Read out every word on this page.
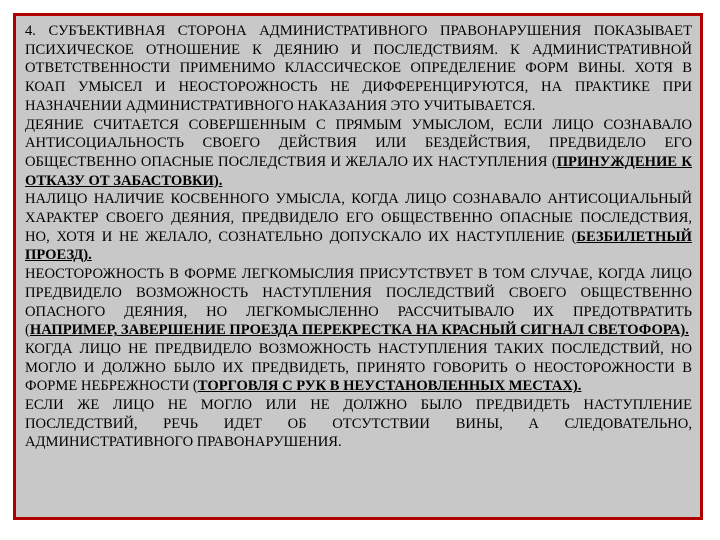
4. СУБЪЕКТИВНАЯ СТОРОНА АДМИНИСТРАТИВНОГО ПРАВОНАРУШЕНИЯ ПОКАЗЫВАЕТ ПСИХИЧЕСКОЕ ОТНОШЕНИЕ К ДЕЯНИЮ И ПОСЛЕДСТВИЯМ. К АДМИНИСТРАТИВНОЙ ОТВЕТСТВЕННОСТИ ПРИМЕНИМО КЛАССИЧЕСКОЕ ОПРЕДЕЛЕНИЕ ФОРМ ВИНЫ. ХОТЯ В КОАП УМЫСЕЛ И НЕОСТОРОЖНОСТЬ НЕ ДИФФЕРЕНЦИРУЮТСЯ, НА ПРАКТИКЕ ПРИ НАЗНАЧЕНИИ АДМИНИСТРАТИВНОГО НАКАЗАНИЯ ЭТО УЧИТЫВАЕТСЯ.

ДЕЯНИЕ СЧИТАЕТСЯ СОВЕРШЕННЫМ С ПРЯМЫМ УМЫСЛОМ, ЕСЛИ ЛИЦО СОЗНАВАЛО АНТИСОЦИАЛЬНОСТЬ СВОЕГО ДЕЙСТВИЯ ИЛИ БЕЗДЕЙСТВИЯ, ПРЕДВИДЕЛО ЕГО ОБЩЕСТВЕННО ОПАСНЫЕ ПОСЛЕДСТВИЯ И ЖЕЛАЛО ИХ НАСТУПЛЕНИЯ (ПРИНУЖДЕНИЕ К ОТКАЗУ ОТ ЗАБАСТОВКИ).

НАЛИЦО НАЛИЧИЕ КОСВЕННОГО УМЫСЛА, КОГДА ЛИЦО СОЗНАВАЛО АНТИСОЦИАЛЬНЫЙ ХАРАКТЕР СВОЕГО ДЕЯНИЯ, ПРЕДВИДЕЛО ЕГО ОБЩЕСТВЕННО ОПАСНЫЕ ПОСЛЕДСТВИЯ, НО, ХОТЯ И НЕ ЖЕЛАЛО, СОЗНАТЕЛЬНО ДОПУСКАЛО ИХ НАСТУПЛЕНИЕ (БЕЗБИЛЕТНЫЙ ПРОЕЗД).

НЕОСТОРОЖНОСТЬ В ФОРМЕ ЛЕГКОМЫСЛИЯ ПРИСУТСТВУЕТ В ТОМ СЛУЧАЕ, КОГДА ЛИЦО ПРЕДВИДЕЛО ВОЗМОЖНОСТЬ НАСТУПЛЕНИЯ ПОСЛЕДСТВИЙ СВОЕГО ОБЩЕСТВЕННО ОПАСНОГО ДЕЯНИЯ, НО ЛЕГКОМЫСЛЕННО РАССЧИТЫВАЛО ИХ ПРЕДОТВРАТИТЬ (НАПРИМЕР, ЗАВЕРШЕНИЕ ПРОЕЗДА ПЕРЕКРЕСТКА НА КРАСНЫЙ СИГНАЛ СВЕТОФОРА).

КОГДА ЛИЦО НЕ ПРЕДВИДЕЛО ВОЗМОЖНОСТЬ НАСТУПЛЕНИЯ ТАКИХ ПОСЛЕДСТВИЙ, НО МОГЛО И ДОЛЖНО БЫЛО ИХ ПРЕДВИДЕТЬ, ПРИНЯТО ГОВОРИТЬ О НЕОСТОРОЖНОСТИ В ФОРМЕ НЕБРЕЖНОСТИ (ТОРГОВЛЯ С РУК В НЕУСТАНОВЛЕННЫХ МЕСТАХ).

ЕСЛИ ЖЕ ЛИЦО НЕ МОГЛО ИЛИ НЕ ДОЛЖНО БЫЛО ПРЕДВИДЕТЬ НАСТУПЛЕНИЕ ПОСЛЕДСТВИЙ, РЕЧЬ ИДЕТ ОБ ОТСУТСТВИИ ВИНЫ, А СЛЕДОВАТЕЛЬНО, АДМИНИСТРАТИВНОГО ПРАВОНАРУШЕНИЯ.
